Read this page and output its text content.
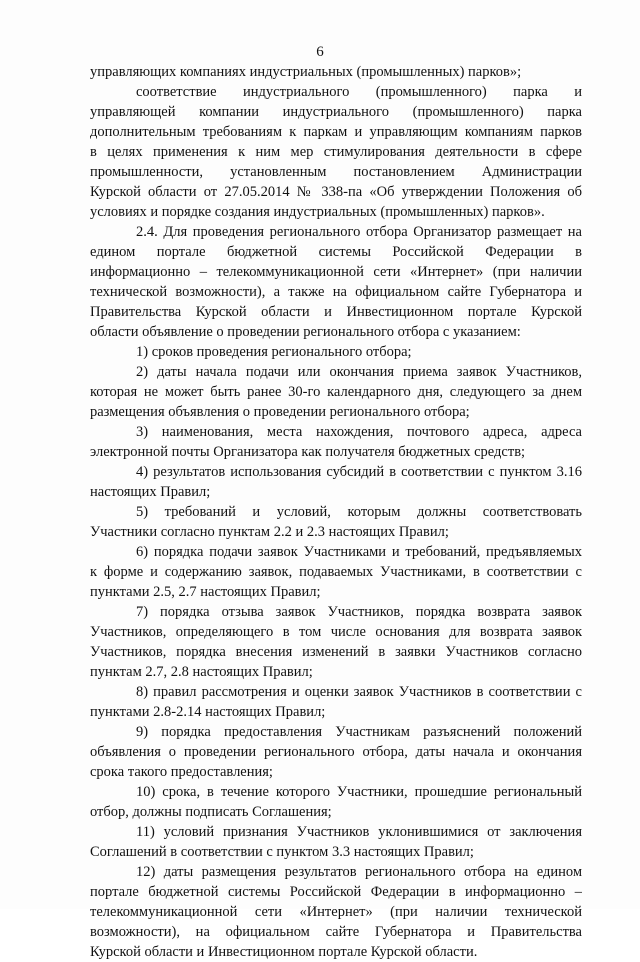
6
управляющих компаниях индустриальных (промышленных) парков»;
соответствие индустриального (промышленного) парка и
управляющей компании индустриального (промышленного) парка
дополнительным требованиям к паркам и управляющим компаниям парков
в целях применения к ним мер стимулирования деятельности в сфере
промышленности, установленным постановлением Администрации
Курской области от 27.05.2014 № 338-па «Об утверждении Положения об
условиях и порядке создания индустриальных (промышленных) парков».
2.4. Для проведения регионального отбора Организатор размещает на
едином портале бюджетной системы Российской Федерации в
информационно – телекоммуникационной сети «Интернет» (при наличии
технической возможности), а также на официальном сайте Губернатора и
Правительства Курской области и Инвестиционном портале Курской
области объявление о проведении регионального отбора с указанием:
1) сроков проведения регионального отбора;
2) даты начала подачи или окончания приема заявок Участников,
которая не может быть ранее 30-го календарного дня, следующего за днем
размещения объявления о проведении регионального отбора;
3) наименования, места нахождения, почтового адреса, адреса
электронной почты Организатора как получателя бюджетных средств;
4) результатов использования субсидий в соответствии с пунктом 3.16
настоящих Правил;
5) требований и условий, которым должны соответствовать
Участники согласно пунктам 2.2 и 2.3 настоящих Правил;
6) порядка подачи заявок Участниками и требований, предъявляемых
к форме и содержанию заявок, подаваемых Участниками, в соответствии с
пунктами 2.5, 2.7 настоящих Правил;
7) порядка отзыва заявок Участников, порядка возврата заявок
Участников, определяющего в том числе основания для возврата заявок
Участников, порядка внесения изменений в заявки Участников согласно
пунктам 2.7, 2.8 настоящих Правил;
8) правил рассмотрения и оценки заявок Участников в соответствии с
пунктами 2.8-2.14 настоящих Правил;
9) порядка предоставления Участникам разъяснений положений
объявления о проведении регионального отбора, даты начала и окончания
срока такого предоставления;
10) срока, в течение которого Участники, прошедшие региональный
отбор, должны подписать Соглашения;
11) условий признания Участников уклонившимися от заключения
Соглашений в соответствии с пунктом 3.3 настоящих Правил;
12) даты размещения результатов регионального отбора на едином
портале бюджетной системы Российской Федерации в информационно –
телекоммуникационной сети «Интернет» (при наличии технической
возможности), на официальном сайте Губернатора и Правительства
Курской области и Инвестиционном портале Курской области.
